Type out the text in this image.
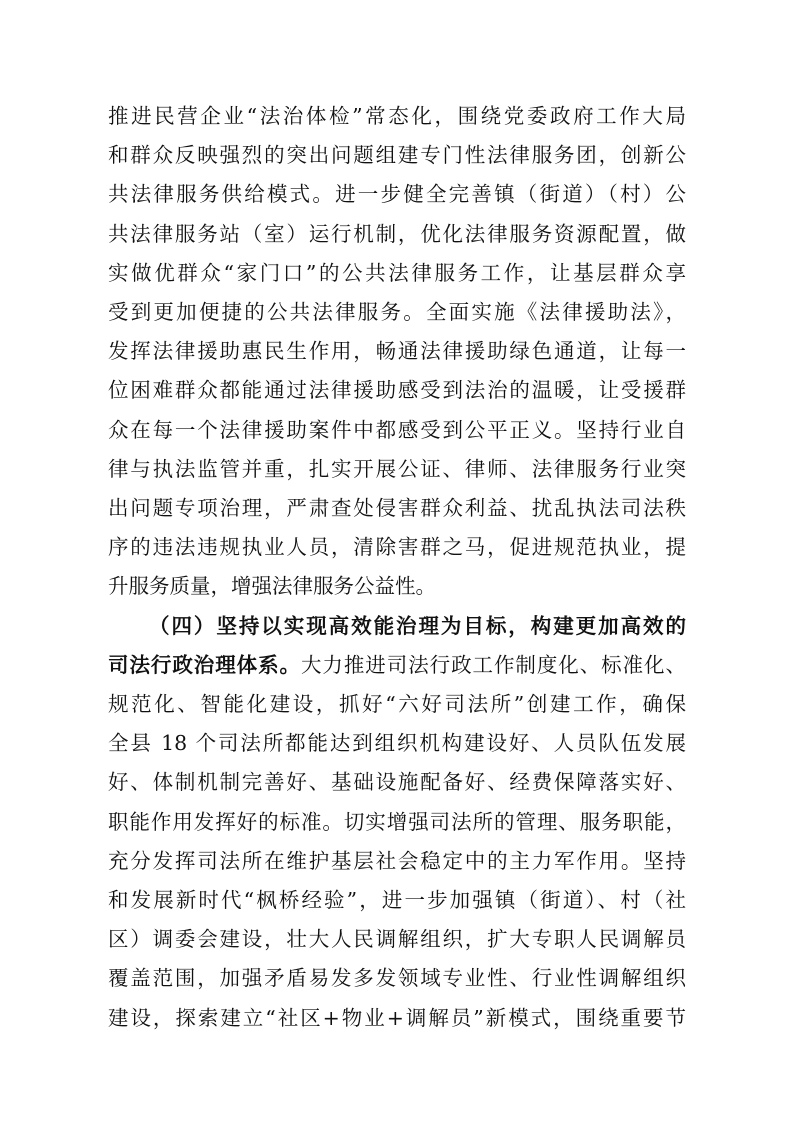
推进民营企业“法治体检”常态化，围绕党委政府工作大局
和群众反映强烈的突出问题组建专门性法律服务团，创新公
共法律服务供给模式。进一步健全完善镇（街道）（村）公
共法律服务站（室）运行机制，优化法律服务资源配置，做
实做优群众“家门口”的公共法律服务工作，让基层群众享
受到更加便捷的公共法律服务。全面实施《法律援助法》，
发挥法律援助惠民生作用，畅通法律援助绿色通道，让每一
位困难群众都能通过法律援助感受到法治的温暖，让受援群
众在每一个法律援助案件中都感受到公平正义。坚持行业自
律与执法监管并重，扎实开展公证、律师、法律服务行业突
出问题专项治理，严肃查处侵害群众利益、扰乱执法司法秩
序的违法违规执业人员，清除害群之马，促进规范执业，提
升服务质量，增强法律服务公益性。
（四）坚持以实现高效能治理为目标，构建更加高效的
司法行政治理体系。大力推进司法行政工作制度化、标准化、
规范化、智能化建设，抓好“六好司法所”创建工作，确保
全县 18 个司法所都能达到组织机构建设好、人员队伍发展
好、体制机制完善好、基础设施配备好、经费保障落实好、
职能作用发挥好的标准。切实增强司法所的管理、服务职能，
充分发挥司法所在维护基层社会稳定中的主力军作用。坚持
和发展新时代“枫桥经验”，进一步加强镇（街道）、村（社
区）调委会建设，壮大人民调解组织，扩大专职人民调解员
覆盖范围，加强矛盾易发多发领域专业性、行业性调解组织
建设，探索建立“社区+物业+调解员”新模式，围绕重要节
